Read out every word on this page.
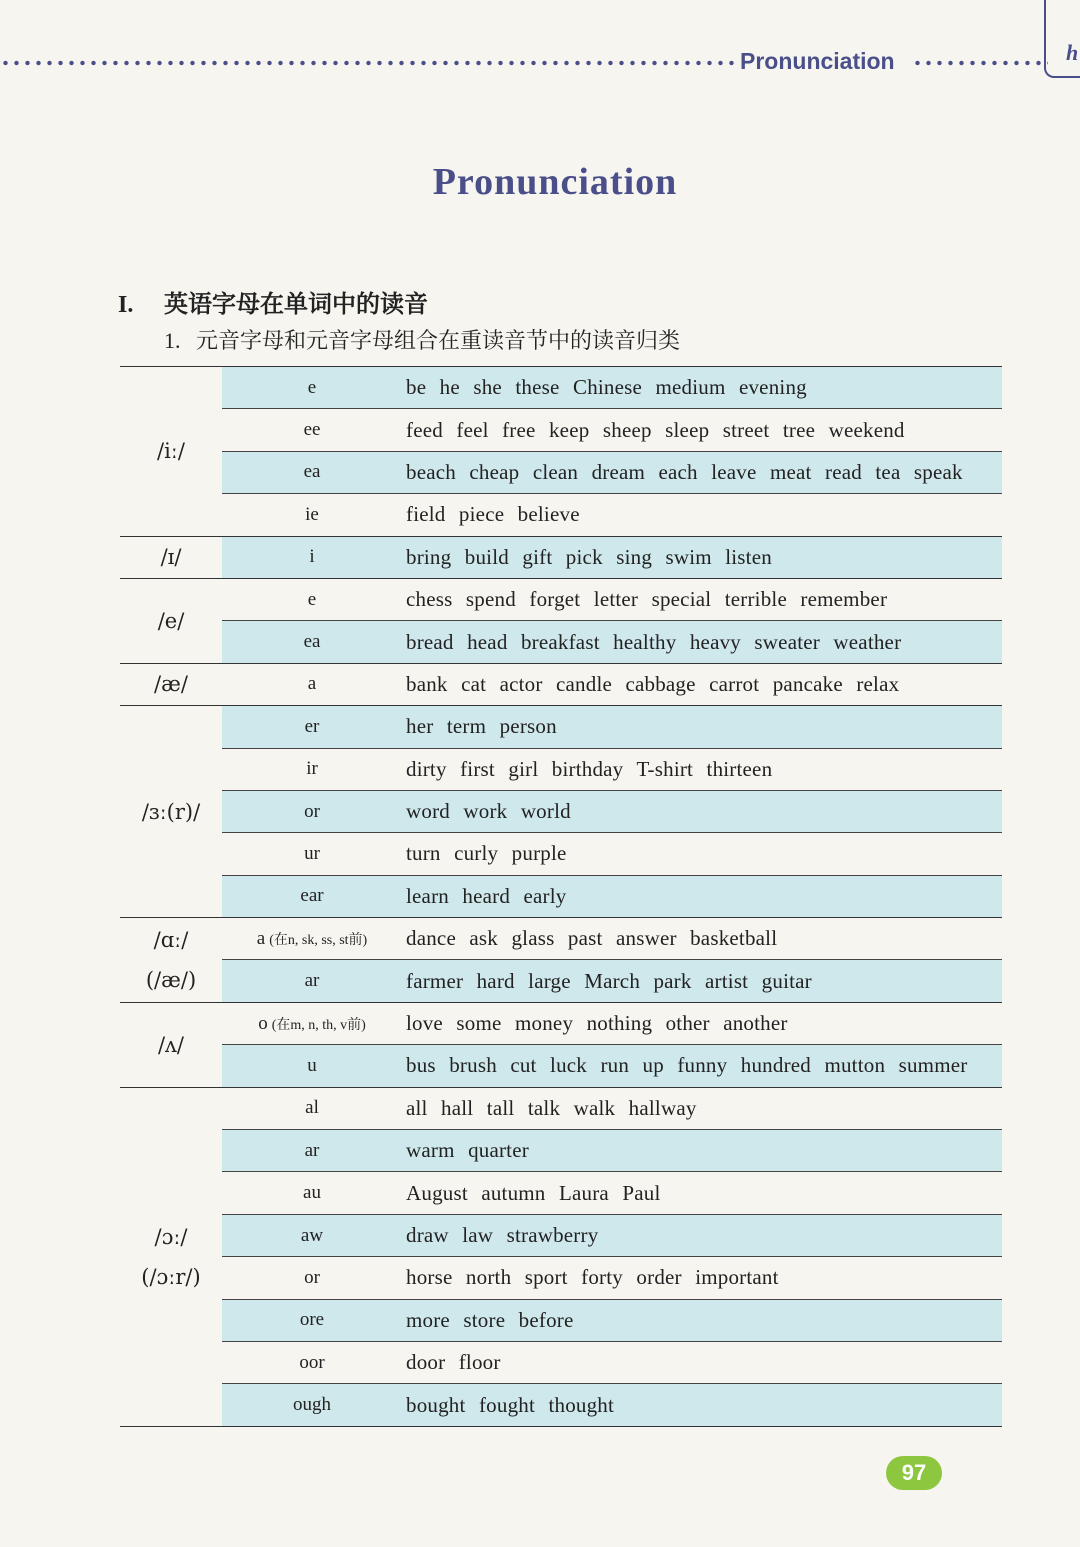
Pronunciation	h
Pronunciation
I. 英语字母在单词中的读音
1. 元音字母和元音字母组合在重读音节中的读音归类
/iː/
e	be he she these Chinese medium evening
ee	feed feel free keep sheep sleep street tree weekend
ea	beach cheap clean dream each leave meat read tea speak
ie	field piece believe
/ɪ/	i	bring build gift pick sing swim listen
/e/
e	chess spend forget letter special terrible remember
ea	bread head breakfast healthy heavy sweater weather
/æ/	a	bank cat actor candle cabbage carrot pancake relax
/ɜː(r)/
er	her term person
ir	dirty first girl birthday T-shirt thirteen
or	word work world
ur	turn curly purple
ear	learn heard early
/ɑː/
(/æ/)
a (在n, sk, ss, st前)	dance ask glass past answer basketball
ar	farmer hard large March park artist guitar
/ʌ/
o (在m, n, th, v前)	love some money nothing other another
u	bus brush cut luck run up funny hundred mutton summer
/ɔː/
(/ɔːr/)
al	all hall tall talk walk hallway
ar	warm quarter
au	August autumn Laura Paul
aw	draw law strawberry
or	horse north sport forty order important
ore	more store before
oor	door floor
ough	bought fought thought
97
